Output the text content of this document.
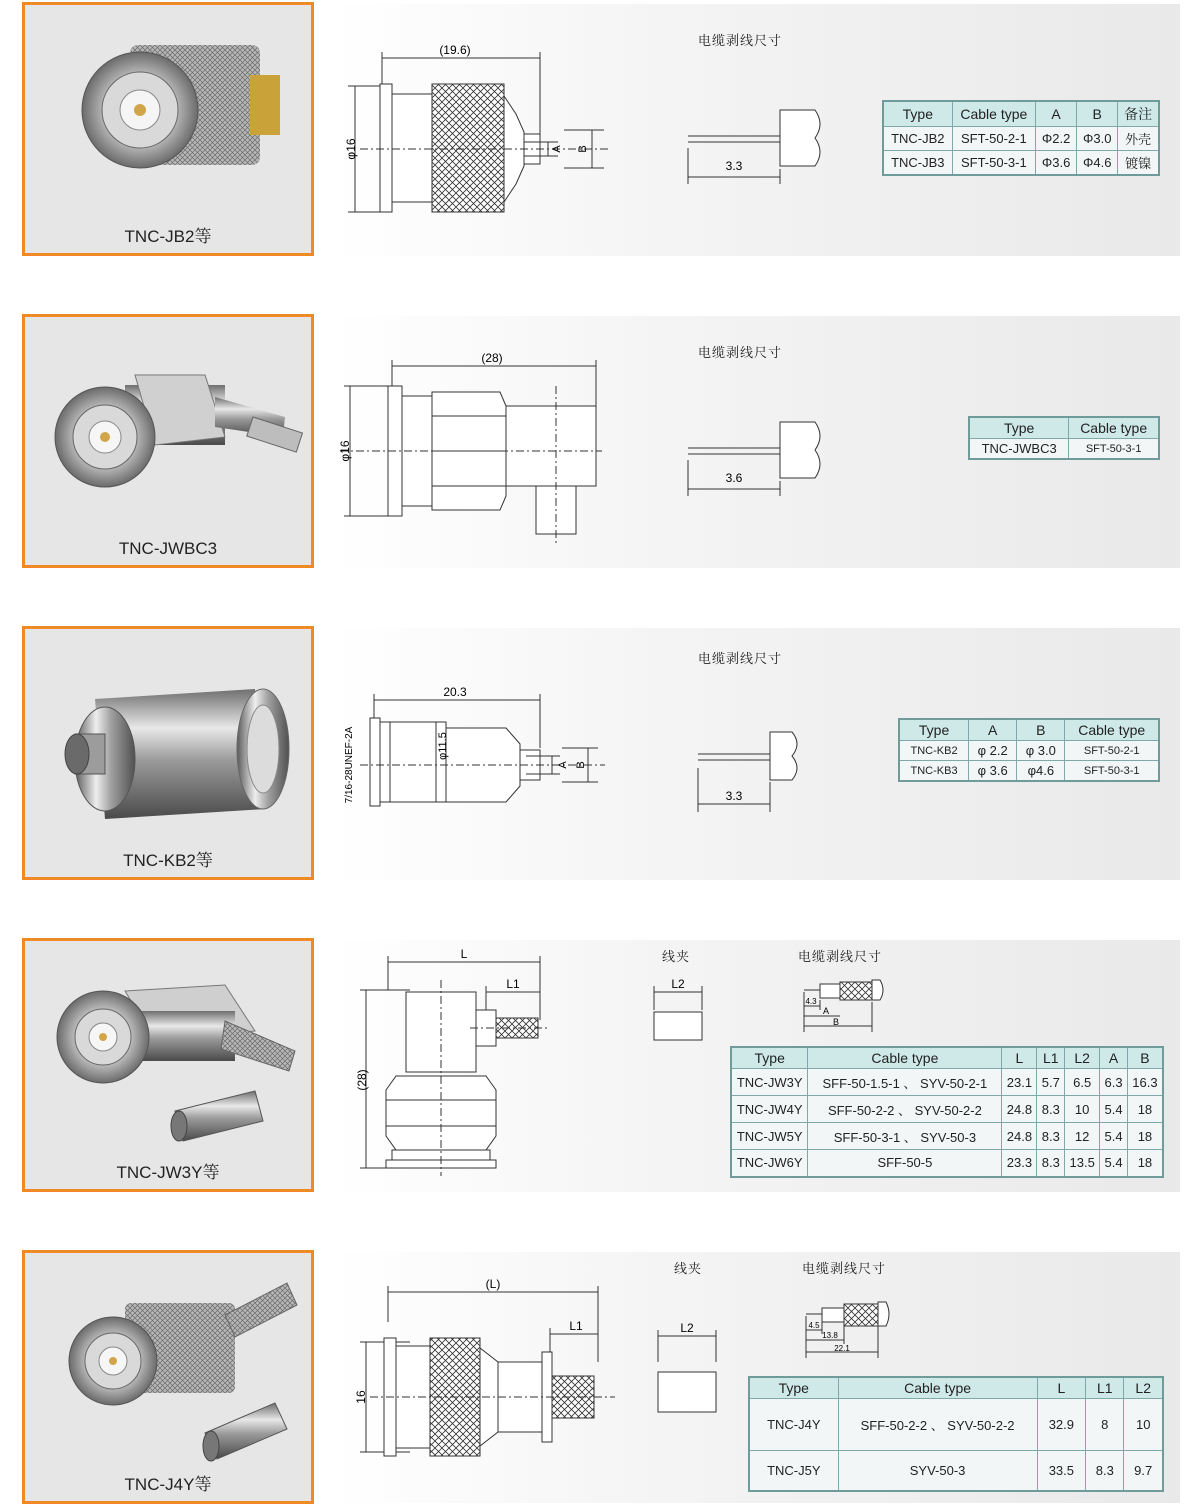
TNC-JB2等
(19.6)
φ16	A B
3.3
电缆剥线尺寸
Type	Cable type	A	B	备注
TNC-JB2	SFT-50-2-1	Φ2.2	Φ3.0	外壳
TNC-JB3	SFT-50-3-1	Φ3.6	Φ4.6	镀镍
TNC-JWBC3
(28)
φ16
3.6
电缆剥线尺寸
Type	Cable type
TNC-JWBC3	SFT-50-3-1
TNC-KB2等
20.3
7/16-28UNEF-2A	φ11.5
A B
3.3
电缆剥线尺寸
Type	A	B	Cable type
TNC-KB2	φ 2.2	φ 3.0	SFT-50-2-1
TNC-KB3	φ 3.6	φ4.6	SFT-50-3-1
TNC-JW3Y等
L
L1
(28)
L2
4.3
A
B
线夹	电缆剥线尺寸
Type	Cable type	L	L1	L2	A	B
TNC-JW3Y	SFF-50-1.5-1 、 SYV-50-2-1	23.1	5.7	6.5	6.3	16.3
TNC-JW4Y	SFF-50-2-2 、 SYV-50-2-2	24.8	8.3	10	5.4	18
TNC-JW5Y	SFF-50-3-1 、 SYV-50-3	24.8	8.3	12	5.4	18
TNC-JW6Y	SFF-50-5	23.3	8.3	13.5	5.4	18
TNC-J4Y等
(L)
L1
16
L2	4.5
13.8
22.1
线夹	电缆剥线尺寸
Type	Cable type	L	L1	L2
TNC-J4Y	SFF-50-2-2 、 SYV-50-2-2	32.9	8	10
TNC-J5Y	SYV-50-3	33.5	8.3	9.7
